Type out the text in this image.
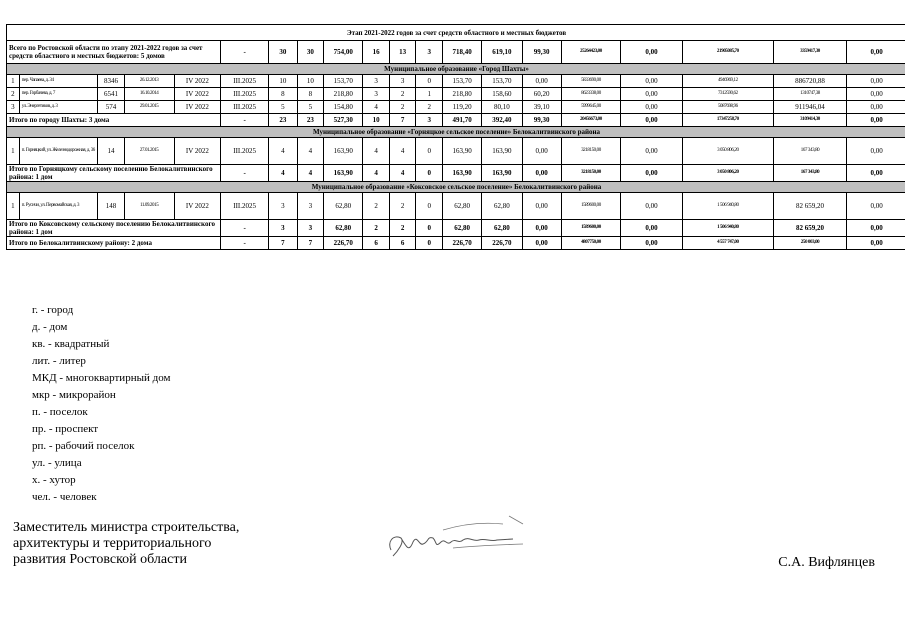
Этап 2021-2022 годов за счет средств областного и местных бюджетов																			
Всего по Ростовской области по этапу 2021-2022 годов за счет средств областного и местных бюджетов: 5 домов					-	30	30	754,00	16	13	3	718,40	619,10	99,30	25264423,00	0,00	21905085,70	3359417,30	0,00
Муниципальное образование «Город Шахты»																			
1	пер. Чапаева, д. 34	8346	26.12.2013	IV 2022	III.2025	10	10	153,70	3	3	0	153,70	153,70	0,00	5833690,00	0,00	4946969,12	886720,88	0,00
2	пер. Горбачева, д. 7	6541	16.10.2014	IV 2022	III.2025	8	8	218,80	3	2	1	218,80	158,60	60,20	8623338,00	0,00	7312590,62	1310747,38	0,00
3	ул. Энергетиков, д. 3	574	29.01.2015	IV 2022	III.2025	5	5	154,80	4	2	2	119,20	80,10	39,10	5999645,00	0,00	5087698,96	911946,04	0,00
Итого по городу Шахты: 3 дома					-	23	23	527,30	10	7	3	491,70	392,40	99,30	20456673,00	0,00	17347258,70	3109414,30	0,00
Муниципальное образование «Горняцкое сельское поселение» Белокалитвинского района																			
1	п. Горняцкий, ул. Железнодорожная, д. 36	14	27.01.2015	IV 2022	III.2025	4	4	163,90	4	4	0	163,90	163,90	0,00	3218150,00	0,00	3 050 806,20	167 343,80	0,00
Итого по Горняцкому сельскому поселению Белокалитвинского района: 1 дом					-	4	4	163,90	4	4	0	163,90	163,90	0,00	3218150,00	0,00	3 050 806,20	167 343,80	0,00
Муниципальное образование «Коксовское сельское поселение» Белокалитвинского района																			
1	п. Русичи, ул. Первомайская, д. 3	148	11.09.2015	IV 2022	III.2025	3	3	62,80	2	2	0	62,80	62,80	0,00	1589600,00	0,00	1 506 940,80	82 659,20	0,00
Итого по Коксовскому сельскому поселению Белокалитвинского района: 1 дом					-	3	3	62,80	2	2	0	62,80	62,80	0,00	1589600,00	0,00	1 506 940,80	82 659,20	0,00
Итого по Белокалитвинскому району: 2 дома					-	7	7	226,70	6	6	0	226,70	226,70	0,00	4807750,00	0,00	4 557 747,00	250 003,00	0,00
г. - город
д. - дом
кв. - квадратный
лит. - литер
МКД - многоквартирный дом
мкр - микрорайон
п. - поселок
пр. - проспект
рп. - рабочий поселок
ул. - улица
х. - хутор
чел. - человек
Заместитель министра строительства,
архитектуры и территориального
развития Ростовской области	С.А. Вифлянцев
